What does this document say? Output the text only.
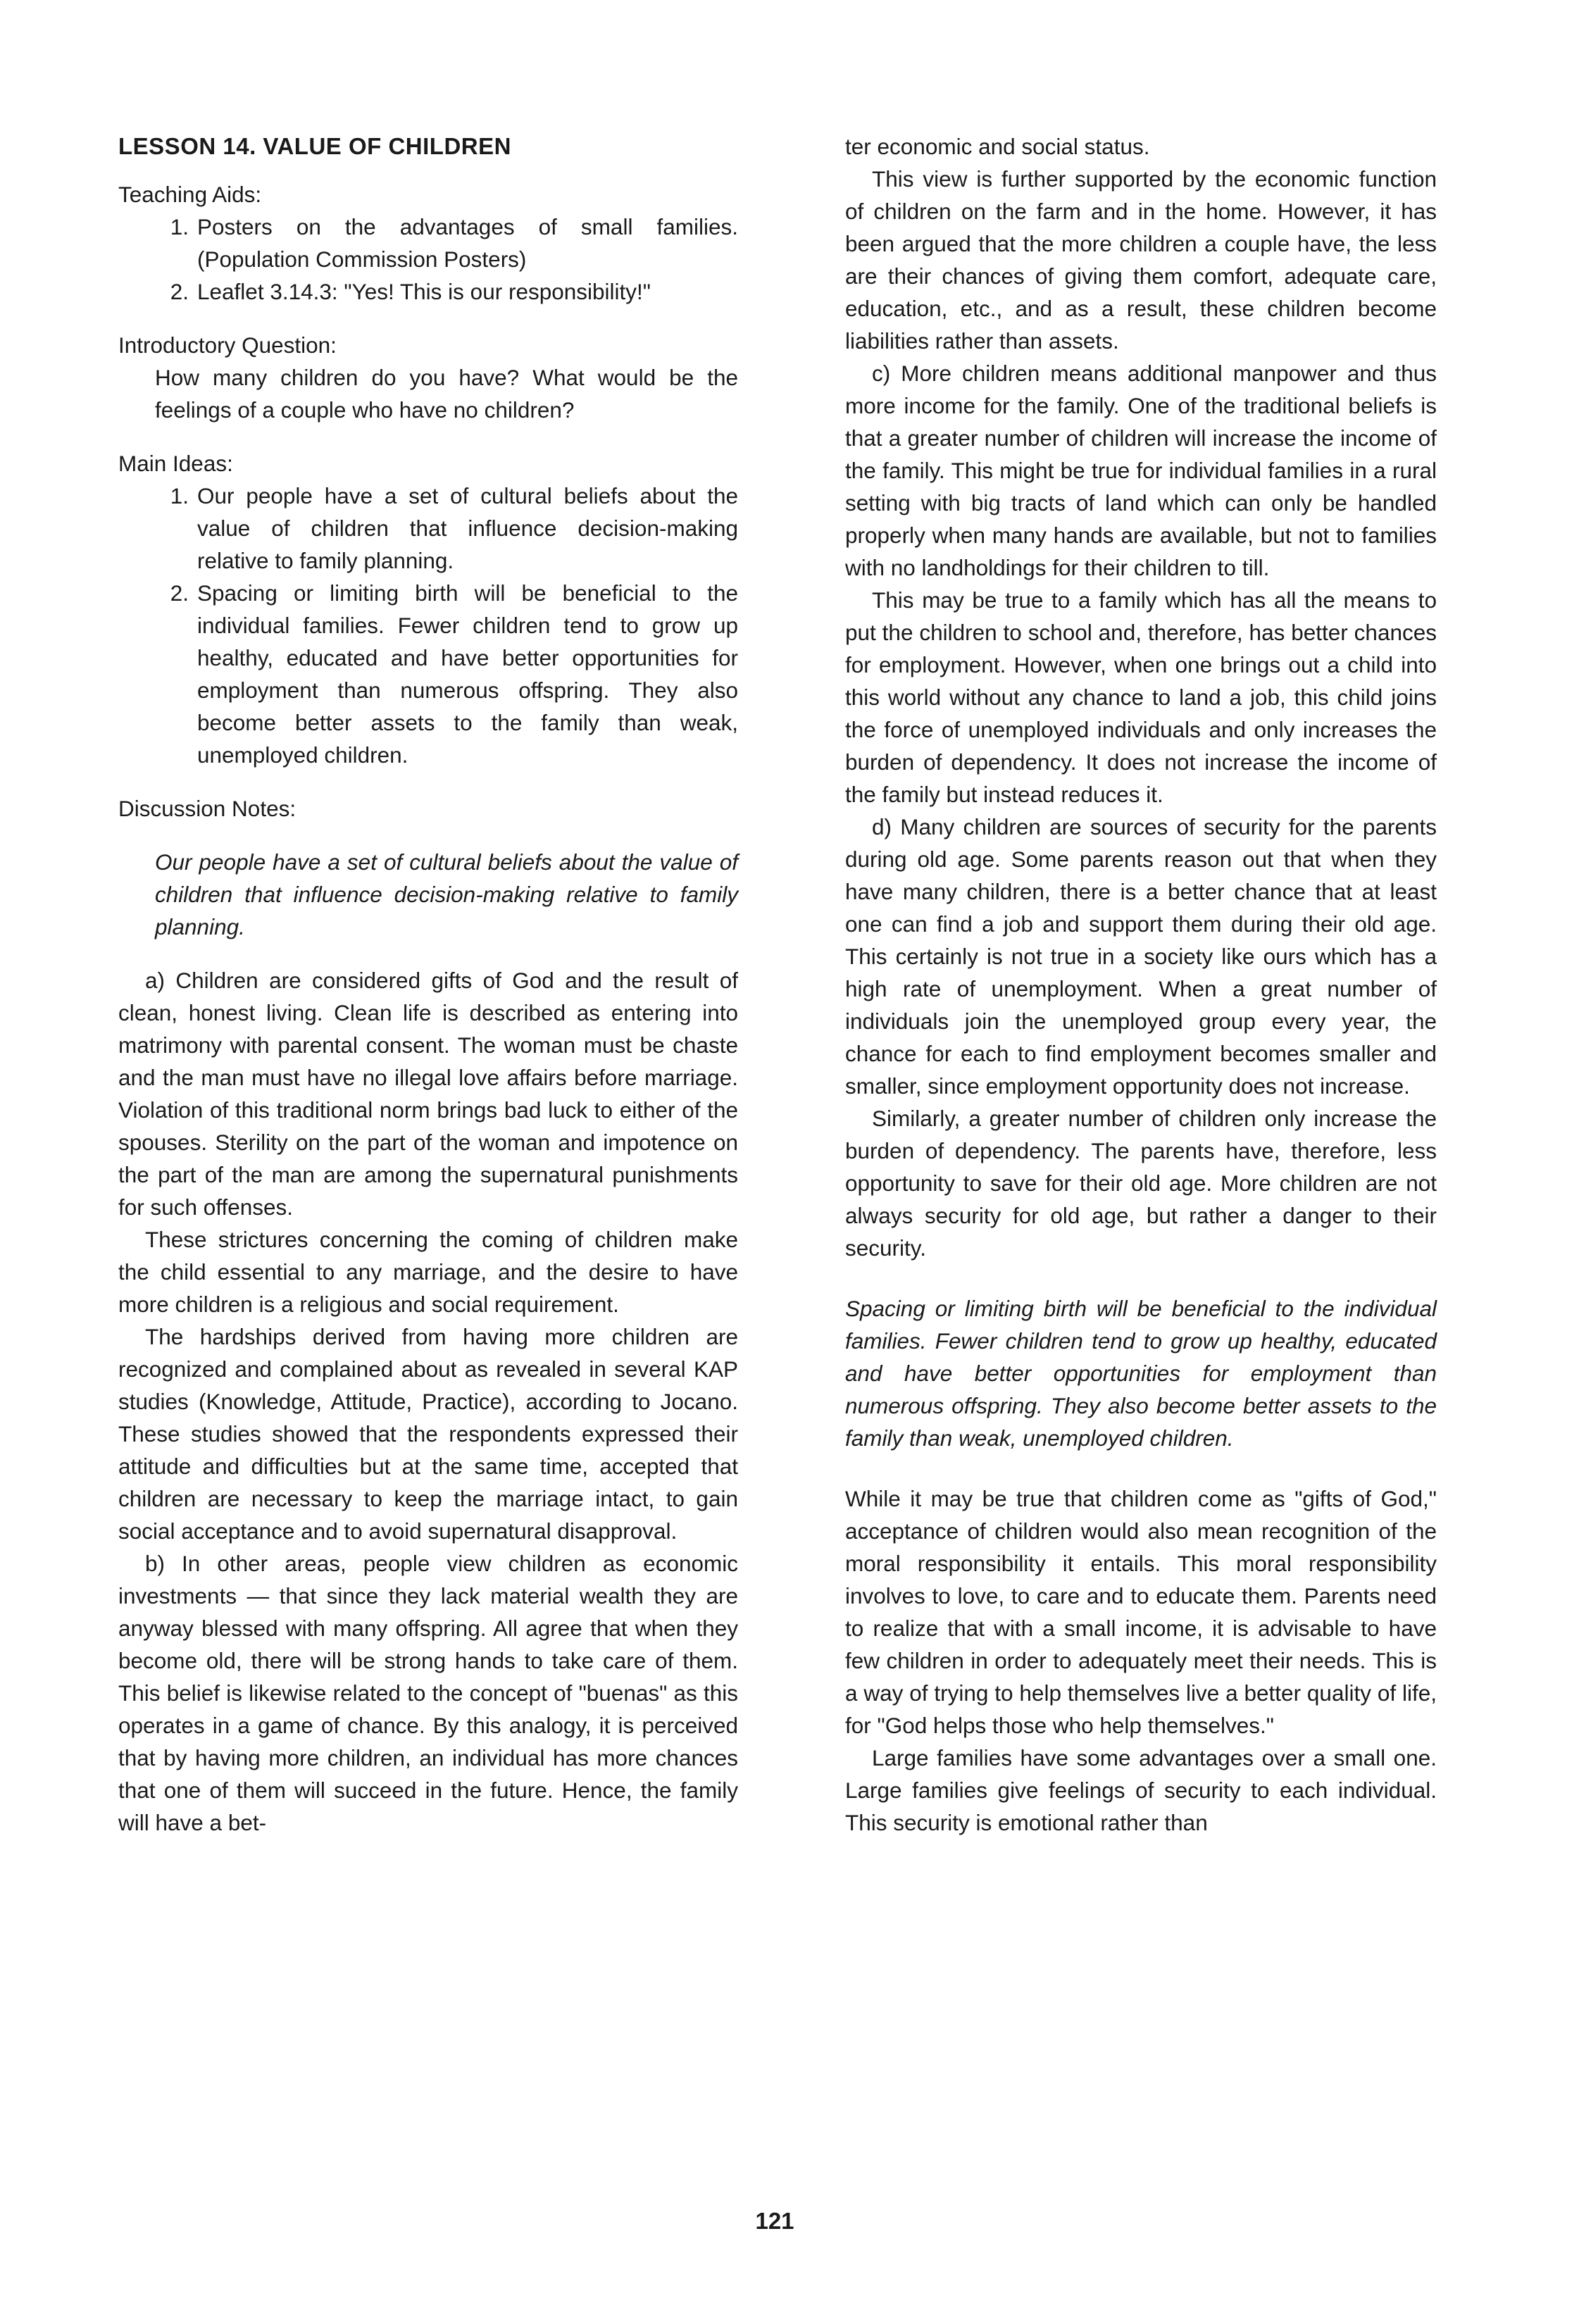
LESSON 14. VALUE OF CHILDREN
Teaching Aids:
1. Posters on the advantages of small families. (Population Commission Posters)
2. Leaflet 3.14.3: "Yes! This is our responsibility!"
Introductory Question:

How many children do you have? What would be the feelings of a couple who have no children?

Main Ideas:
1. Our people have a set of cultural beliefs about the value of children that influence decision-making relative to family planning.
2. Spacing or limiting birth will be beneficial to the individual families. Fewer children tend to grow up healthy, educated and have better opportunities for employment than numerous offspring. They also become better assets to the family than weak, unemployed children.
Discussion Notes:

Our people have a set of cultural beliefs about the value of children that influence decision-making relative to family planning.

a) Children are considered gifts of God and the result of clean, honest living. Clean life is described as entering into matrimony with parental consent. The woman must be chaste and the man must have no illegal love affairs before marriage. Violation of this traditional norm brings bad luck to either of the spouses. Sterility on the part of the woman and impotence on the part of the man are among the supernatural punishments for such offenses.

These strictures concerning the coming of children make the child essential to any marriage, and the desire to have more children is a religious and social requirement.

The hardships derived from having more children are recognized and complained about as revealed in several KAP studies (Knowledge, Attitude, Practice), according to Jocano. These studies showed that the respondents expressed their attitude and difficulties but at the same time, accepted that children are necessary to keep the marriage intact, to gain social acceptance and to avoid supernatural disapproval.

b) In other areas, people view children as economic investments — that since they lack material wealth they are anyway blessed with many offspring. All agree that when they become old, there will be strong hands to take care of them. This belief is likewise related to the concept of "buenas" as this operates in a game of chance. By this analogy, it is perceived that by having more children, an individual has more chances that one of them will succeed in the future. Hence, the family will have a bet-

ter economic and social status.

This view is further supported by the economic function of children on the farm and in the home. However, it has been argued that the more children a couple have, the less are their chances of giving them comfort, adequate care, education, etc., and as a result, these children become liabilities rather than assets.

c) More children means additional manpower and thus more income for the family. One of the traditional beliefs is that a greater number of children will increase the income of the family. This might be true for individual families in a rural setting with big tracts of land which can only be handled properly when many hands are available, but not to families with no landholdings for their children to till.

This may be true to a family which has all the means to put the children to school and, therefore, has better chances for employment. However, when one brings out a child into this world without any chance to land a job, this child joins the force of unemployed individuals and only increases the burden of dependency. It does not increase the income of the family but instead reduces it.

d) Many children are sources of security for the parents during old age. Some parents reason out that when they have many children, there is a better chance that at least one can find a job and support them during their old age. This certainly is not true in a society like ours which has a high rate of unemployment. When a great number of individuals join the unemployed group every year, the chance for each to find employment becomes smaller and smaller, since employment opportunity does not increase.

Similarly, a greater number of children only increase the burden of dependency. The parents have, therefore, less opportunity to save for their old age. More children are not always security for old age, but rather a danger to their security.

Spacing or limiting birth will be beneficial to the individual families. Fewer children tend to grow up healthy, educated and have better opportunities for employment than numerous offspring. They also become better assets to the family than weak, unemployed children.

While it may be true that children come as "gifts of God," acceptance of children would also mean recognition of the moral responsibility it entails. This moral responsibility involves to love, to care and to educate them. Parents need to realize that with a small income, it is advisable to have few children in order to adequately meet their needs. This is a way of trying to help themselves live a better quality of life, for "God helps those who help themselves."

Large families have some advantages over a small one. Large families give feelings of security to each individual. This security is emotional rather than

121
